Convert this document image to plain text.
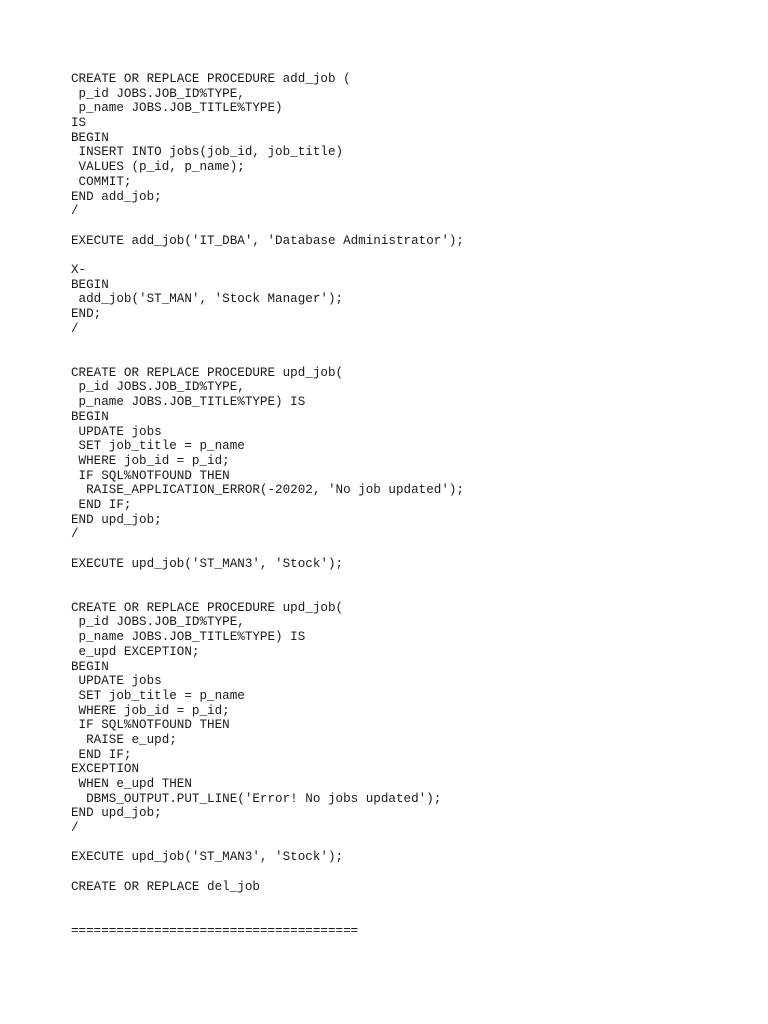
CREATE OR REPLACE PROCEDURE add_job (
p_id JOBS.JOB_ID%TYPE,
p_name JOBS.JOB_TITLE%TYPE)
IS
BEGIN
INSERT INTO jobs(job_id, job_title)
VALUES (p_id, p_name);
COMMIT;
END add_job;
/
EXECUTE add_job('IT_DBA', 'Database Administrator');
X-
BEGIN
add_job('ST_MAN', 'Stock Manager');
END;
/
CREATE OR REPLACE PROCEDURE upd_job(
p_id JOBS.JOB_ID%TYPE,
p_name JOBS.JOB_TITLE%TYPE) IS
BEGIN
UPDATE jobs
SET job_title = p_name
WHERE job_id = p_id;
IF SQL%NOTFOUND THEN
RAISE_APPLICATION_ERROR(-20202, 'No job updated');
END IF;
END upd_job;
/
EXECUTE upd_job('ST_MAN3', 'Stock');
CREATE OR REPLACE PROCEDURE upd_job(
p_id JOBS.JOB_ID%TYPE,
p_name JOBS.JOB_TITLE%TYPE) IS
e_upd EXCEPTION;
BEGIN
UPDATE jobs
SET job_title = p_name
WHERE job_id = p_id;
IF SQL%NOTFOUND THEN
RAISE e_upd;
END IF;
EXCEPTION
WHEN e_upd THEN
DBMS_OUTPUT.PUT_LINE('Error! No jobs updated');
END upd_job;
/
EXECUTE upd_job('ST_MAN3', 'Stock');
CREATE OR REPLACE del_job
======================================
